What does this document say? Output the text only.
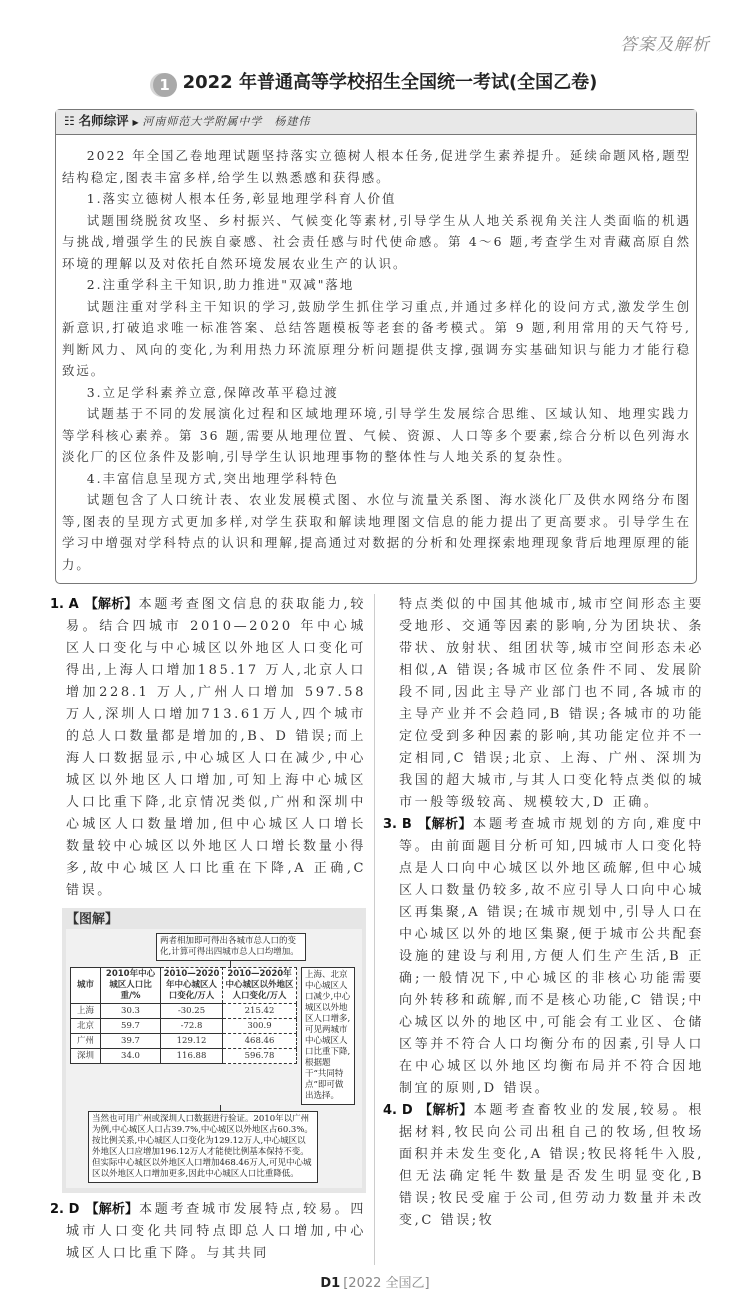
答案及解析
1 2022 年普通高等学校招生全国统一考试(全国乙卷)
☷ 名师综评 ▶ 河南师范大学附属中学　杨建伟

2022 年全国乙卷地理试题坚持落实立德树人根本任务,促进学生素养提升。延续命题风格,题型结构稳定,图表丰富多样,给学生以熟悉感和获得感。

1.落实立德树人根本任务,彰显地理学科育人价值

试题围绕脱贫攻坚、乡村振兴、气候变化等素材,引导学生从人地关系视角关注人类面临的机遇与挑战,增强学生的民族自豪感、社会责任感与时代使命感。第 4～6 题,考查学生对青藏高原自然环境的理解以及对依托自然环境发展农业生产的认识。

2.注重学科主干知识,助力推进"双减"落地

试题注重对学科主干知识的学习,鼓励学生抓住学习重点,并通过多样化的设问方式,激发学生创新意识,打破追求唯一标准答案、总结答题模板等老套的备考模式。第 9 题,利用常用的天气符号,判断风力、风向的变化,为利用热力环流原理分析问题提供支撑,强调夯实基础知识与能力才能行稳致远。

3.立足学科素养立意,保障改革平稳过渡

试题基于不同的发展演化过程和区域地理环境,引导学生发展综合思维、区域认知、地理实践力等学科核心素养。第 36 题,需要从地理位置、气候、资源、人口等多个要素,综合分析以色列海水淡化厂的区位条件及影响,引导学生认识地理事物的整体性与人地关系的复杂性。

4.丰富信息呈现方式,突出地理学科特色

试题包含了人口统计表、农业发展模式图、水位与流量关系图、海水淡化厂及供水网络分布图等,图表的呈现方式更加多样,对学生获取和解读地理图文信息的能力提出了更高要求。引导学生在学习中增强对学科特点的认识和理解,提高通过对数据的分析和处理探索地理现象背后地理原理的能力。

1. A 【解析】本题考查图文信息的获取能力,较易。结合四城市 2010—2020 年中心城区人口变化与中心城区以外地区人口变化可得出,上海人口增加185.17 万人,北京人口增加228.1 万人,广州人口增加 597.58 万人,深圳人口增加713.61万人,四个城市的总人口数量都是增加的,B、D 错误;而上海人口数据显示,中心城区人口在减少,中心城区以外地区人口增加,可知上海中心城区人口比重下降,北京情况类似,广州和深圳中心城区人口数量增加,但中心城区人口增长数量较中心城区以外地区人口增长数量小得多,故中心城区人口比重在下降,A 正确,C 错误。

【图解】
两者相加即可得出各城市总人口的变化,计算可得出四城市总人口均增加。
城市	2010年中心城区人口比重/%	2010—2020年中心城区人口变化/万人	2010—2020年中心城区以外地区人口变化/万人
上海	30.3	-30.25	215.42
北京	59.7	-72.8	300.9
广州	39.7	129.12	468.46
深圳	34.0	116.88	596.78
上海、北京中心城区人口减少,中心城区以外地区人口增多,可见两城市中心城区人口比重下降,根据题干“共同特点”即可做出选择。
当然也可用广州或深圳人口数据进行验证。2010年以广州为例,中心城区人口占39.7%,中心城区以外地区占60.3%。按比例关系,中心城区人口变化为129.12万人,中心城区以外地区人口应增加196.12万人才能使比例基本保持不变。但实际中心城区以外地区人口增加468.46万人,可见中心城区以外地区人口增加更多,因此中心城区人口比重降低。

2. D 【解析】本题考查城市发展特点,较易。四城市人口变化共同特点即总人口增加,中心城区人口比重下降。与其共同

特点类似的中国其他城市,城市空间形态主要受地形、交通等因素的影响,分为团块状、条带状、放射状、组团状等,城市空间形态未必相似,A 错误;各城市区位条件不同、发展阶段不同,因此主导产业部门也不同,各城市的主导产业并不会趋同,B 错误;各城市的功能定位受到多种因素的影响,其功能定位并不一定相同,C 错误;北京、上海、广州、深圳为我国的超大城市,与其人口变化特点类似的城市一般等级较高、规模较大,D 正确。

3. B 【解析】本题考查城市规划的方向,难度中等。由前面题目分析可知,四城市人口变化特点是人口向中心城区以外地区疏解,但中心城区人口数量仍较多,故不应引导人口向中心城区再集聚,A 错误;在城市规划中,引导人口在中心城区以外的地区集聚,便于城市公共配套设施的建设与利用,方便人们生产生活,B 正确;一般情况下,中心城区的非核心功能需要向外转移和疏解,而不是核心功能,C 错误;中心城区以外的地区中,可能会有工业区、仓储区等并不符合人口均衡分布的因素,引导人口在中心城区以外地区均衡布局并不符合因地制宜的原则,D 错误。

4. D 【解析】本题考查畜牧业的发展,较易。根据材料,牧民向公司出租自己的牧场,但牧场面积并未发生变化,A 错误;牧民将牦牛入股,但无法确定牦牛数量是否发生明显变化,B 错误;牧民受雇于公司,但劳动力数量并未改变,C 错误;牧

D1 [2022 全国乙]
